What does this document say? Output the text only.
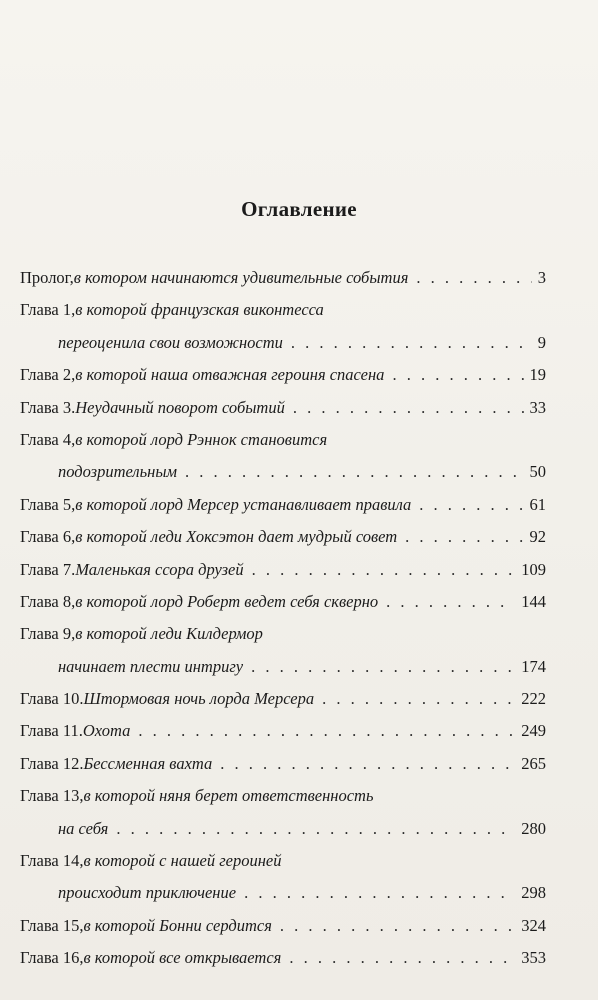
Оглавление
Пролог, в котором начинаются удивительные события . . .	3
Глава 1, в которой французская виконтесса
переоценила свои возможности . . .	9
Глава 2, в которой наша отважная героиня спасена . . .	19
Глава 3. Неудачный поворот событий . . .	33
Глава 4, в которой лорд Рэннок становится
подозрительным . . .	50
Глава 5, в которой лорд Мерсер устанавливает правила . . .	61
Глава 6, в которой леди Хоксэтон дает мудрый совет . . .	92
Глава 7. Маленькая ссора друзей . . .	109
Глава 8, в которой лорд Роберт ведет себя скверно . . .	144
Глава 9, в которой леди Килдермор
начинает плести интригу . . .	174
Глава 10. Штормовая ночь лорда Мерсера . . .	222
Глава 11. Охота . . .	249
Глава 12. Бессменная вахта . . .	265
Глава 13, в которой няня берет ответственность
на себя . . .	280
Глава 14, в которой с нашей героиней
происходит приключение . . .	298
Глава 15, в которой Бонни сердится . . .	324
Глава 16, в которой все открывается . . .	353
